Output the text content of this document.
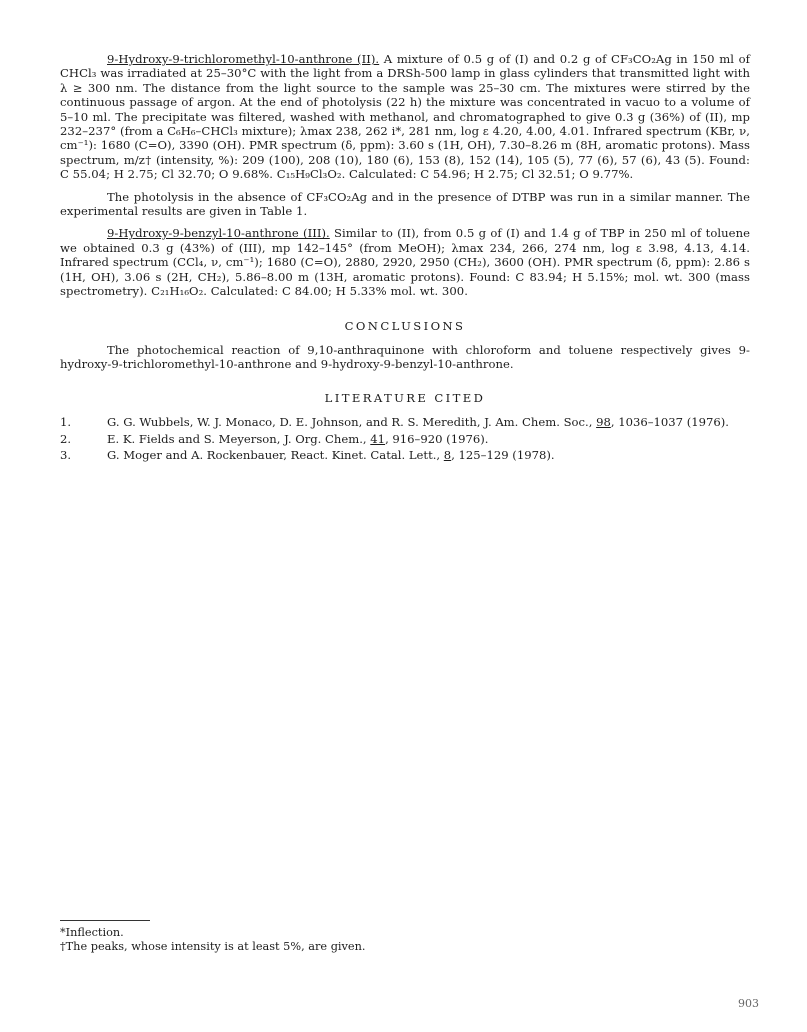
9-Hydroxy-9-trichloromethyl-10-anthrone (II). A mixture of 0.5 g of (I) and 0.2 g of CF₃CO₂Ag in 150 ml of CHCl₃ was irradiated at 25–30°C with the light from a DRSh-500 lamp in glass cylinders that transmitted light with λ ≥ 300 nm. The distance from the light source to the sample was 25–30 cm. The mixtures were stirred by the continuous passage of argon. At the end of photolysis (22 h) the mixture was concentrated in vacuo to a volume of 5–10 ml. The precipitate was filtered, washed with methanol, and chromatographed to give 0.3 g (36%) of (II), mp 232–237° (from a C₆H₆–CHCl₃ mixture); λmax 238, 262 i*, 281 nm, log ε 4.20, 4.00, 4.01. Infrared spectrum (KBr, ν, cm⁻¹): 1680 (C=O), 3390 (OH). PMR spectrum (δ, ppm): 3.60 s (1H, OH), 7.30–8.26 m (8H, aromatic protons). Mass spectrum, m/z† (intensity, %): 209 (100), 208 (10), 180 (6), 153 (8), 152 (14), 105 (5), 77 (6), 57 (6), 43 (5). Found: C 55.04; H 2.75; Cl 32.70; O 9.68%. C₁₅H₉Cl₃O₂. Calculated: C 54.96; H 2.75; Cl 32.51; O 9.77%.

The photolysis in the absence of CF₃CO₂Ag and in the presence of DTBP was run in a similar manner. The experimental results are given in Table 1.

9-Hydroxy-9-benzyl-10-anthrone (III). Similar to (II), from 0.5 g of (I) and 1.4 g of TBP in 250 ml of toluene we obtained 0.3 g (43%) of (III), mp 142–145° (from MeOH); λmax 234, 266, 274 nm, log ε 3.98, 4.13, 4.14. Infrared spectrum (CCl₄, ν, cm⁻¹); 1680 (C=O), 2880, 2920, 2950 (CH₂), 3600 (OH). PMR spectrum (δ, ppm): 2.86 s (1H, OH), 3.06 s (2H, CH₂), 5.86–8.00 m (13H, aromatic protons). Found: C 83.94; H 5.15%; mol. wt. 300 (mass spectrometry). C₂₁H₁₆O₂. Calculated: C 84.00; H 5.33% mol. wt. 300.

CONCLUSIONS

The photochemical reaction of 9,10-anthraquinone with chloroform and toluene respectively gives 9-hydroxy-9-trichloromethyl-10-anthrone and 9-hydroxy-9-benzyl-10-anthrone.

LITERATURE CITED
1.	G. G. Wubbels, W. J. Monaco, D. E. Johnson, and R. S. Meredith, J. Am. Chem. Soc., 98, 1036–1037 (1976).
2.	E. K. Fields and S. Meyerson, J. Org. Chem., 41, 916–920 (1976).
3.	G. Moger and A. Rockenbauer, React. Kinet. Catal. Lett., 8, 125–129 (1978).
*Inflection.
†The peaks, whose intensity is at least 5%, are given.
903
